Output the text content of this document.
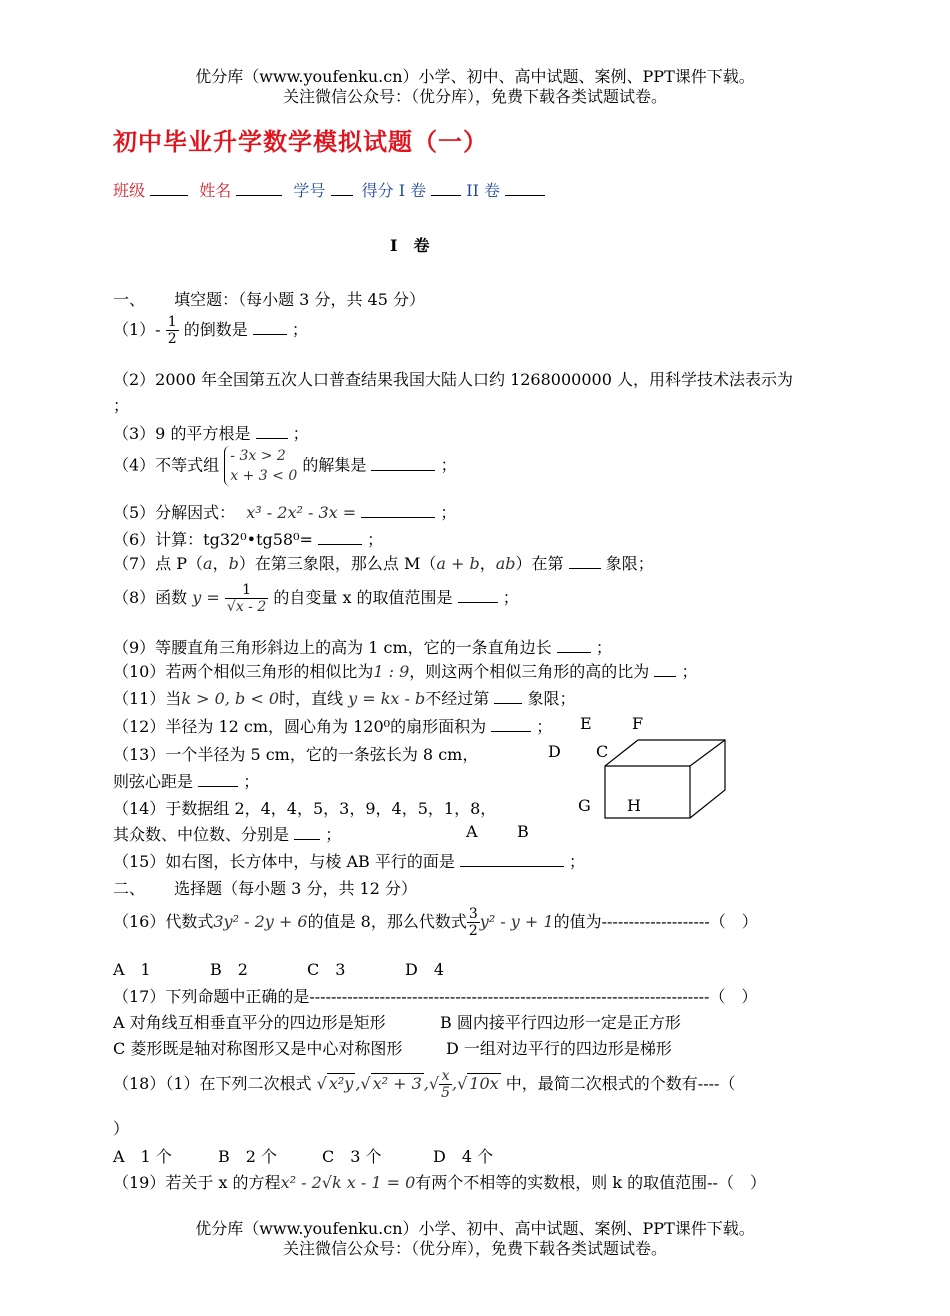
优分库（www.youfenku.cn）小学、初中、高中试题、案例、PPT课件下载。
关注微信公众号：（优分库），免费下载各类试题试卷。
初中毕业升学数学模拟试题（一）
班级	姓名	学号 得分 I 卷	II 卷
I　卷
一、　　 填空题：（每小题 3 分，共 45 分）
$(1)- \frac{1}{2}$ 的倒数是	；
（2）2000 年全国第五次人口普查结果我国大陆人口约 1268000000 人，用科学技术法表示为
；
（3）9 的平方根是	；
（4）不等式组 - 3x > 2
x + 3 < 0
的解集是	；
（5）分解因式： x³ - 2x² - 3x =	；
（6）计算：tg32⁰•tg58⁰=	；
（7）点 P（a，b）在第三象限，那么点 M（a + b，ab）在第	象限；
（8）函数 $y = \frac{1}{√x - 2}$ 的自变量 x 的取值范围是	；
（9）等腰直角三角形斜边上的高为 1 cm，它的一条直角边长	；
（10）若两个相似三角形的相似比为1 : 9，则这两个相似三角形的高的比为 ；
（11）当k > 0, b < 0时，直线 y = kx - b不经过第 象限；
（12）半径为 12 cm，圆心角为 120⁰的扇形面积为	；
（13）一个半径为 5 cm，它的一条弦长为 8 cm，
则弦心距是	；
（14）于数据组 2，4，4，5，3，9，4，5，1，8，
其众数、中位数、分别是 ；
（15）如右图，长方体中，与棱 AB 平行的面是	；
E	F
D C
G H
A B
二、　　 选择题（每小题 3 分，共 12 分）
（16）代数式3y² - 2y + 6的值是 8，那么代数式 $\frac{3}{2} y^2 - y + 1$的值为--------------------（　）
A　1	B　2	C　3	D　4
（17）下列命题中正确的是--------------------------------------------------------------------------（　）
A 对角线互相垂直平分的四边形是矩形	B 圆内接平行四边形一定是正方形
C 菱形既是轴对称图形又是中心对称图形	D 一组对边平行的四边形是梯形
（18）（1）在下列二次根式 √ x²y ,√ x² + 3 ,√ $\frac{x}{5}$ ,√ 10x 中，最简二次根式的个数有----（
）
A　1 个	B　2 个	C　3 个	D　4 个
（19）若关于 x 的方程x² - 2√k x - 1 = 0有两个不相等的实数根，则 k 的取值范围--（　）
优分库（www.youfenku.cn）小学、初中、高中试题、案例、PPT课件下载。
关注微信公众号：（优分库），免费下载各类试题试卷。
